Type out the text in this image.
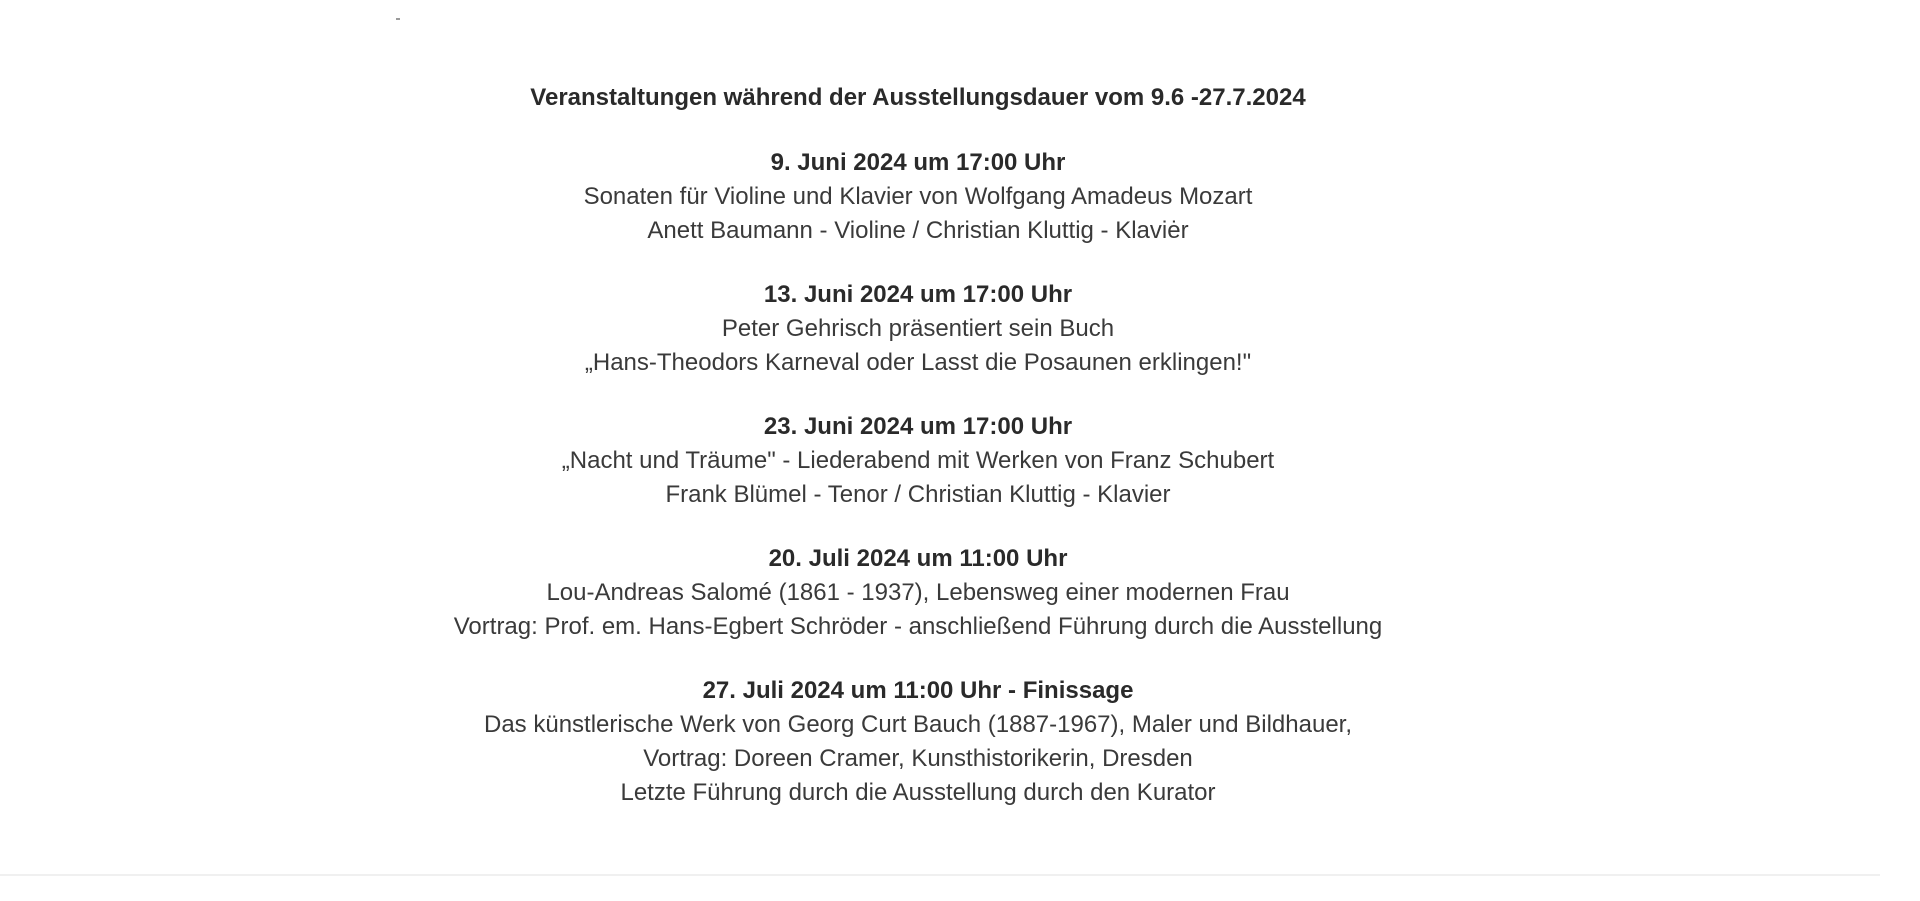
Veranstaltungen während der Ausstellungsdauer vom 9.6 -27.7.2024
9. Juni 2024 um 17:00 Uhr
Sonaten für Violine und Klavier von Wolfgang Amadeus Mozart
Anett Baumann - Violine / Christian Kluttig - Klaviėr
13. Juni 2024 um 17:00 Uhr
Peter Gehrisch präsentiert sein Buch
„Hans-Theodors Karneval oder Lasst die Posaunen erklingen!"
23. Juni 2024 um 17:00 Uhr
„Nacht und Träume" - Liederabend mit Werken von Franz Schubert
Frank Blümel - Tenor / Christian Kluttig - Klavier
20. Juli 2024 um 11:00 Uhr
Lou-Andreas Salomé (1861 - 1937), Lebensweg einer modernen Frau
Vortrag: Prof. em. Hans-Egbert Schröder - anschließend Führung durch die Ausstellung
27. Juli 2024 um 11:00 Uhr - Finissage
Das künstlerische Werk von Georg Curt Bauch (1887-1967), Maler und Bildhauer,
Vortrag: Doreen Cramer, Kunsthistorikerin, Dresden
Letzte Führung durch die Ausstellung durch den Kurator
